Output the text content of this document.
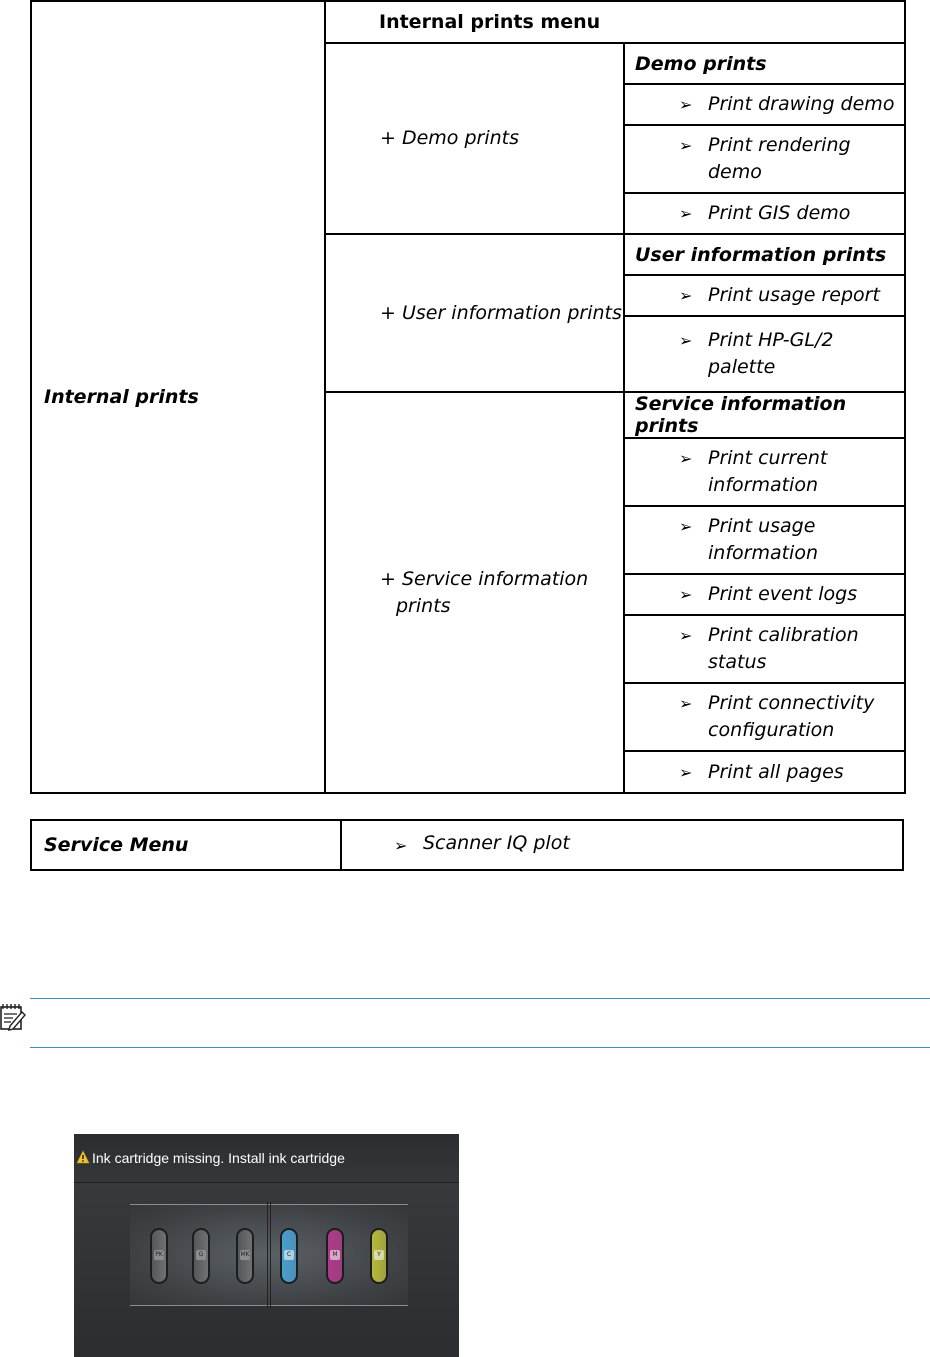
Internal prints	Internal prints menu	
	+ Demo prints	Demo prints

		➢ Print drawing demo

		➢ Print rendering
demo

		➢ Print GIS demo

	+ User information prints	User information prints

		➢ Print usage report

		➢ Print HP-GL/2
palette

	+ Service information
prints	Service information prints

		➢ Print current
information

		➢ Print usage
information

		➢ Print event logs

		➢ Print calibration
status

		➢ Print connectivity
configuration

		➢ Print all pages
Service Menu	➢ Scanner IQ plot
Ink cartridge missing. Install ink cartridge
PK	G	MK	C	M	Y
